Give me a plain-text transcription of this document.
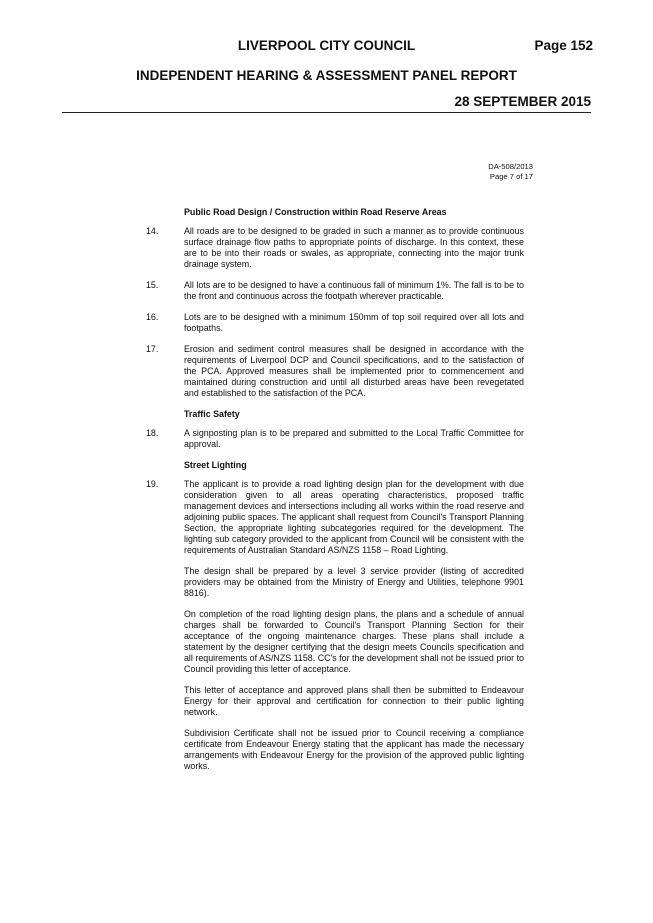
LIVERPOOL CITY COUNCIL	Page 152
INDEPENDENT HEARING & ASSESSMENT PANEL REPORT
28 SEPTEMBER 2015
DA-508/2013
Page 7 of 17
Public Road Design / Construction within Road Reserve Areas
14.	All roads are to be designed to be graded in such a manner as to provide continuous surface drainage flow paths to appropriate points of discharge. In this context, these are to be into their roads or swales, as appropriate, connecting into the major trunk drainage system.
15.	All lots are to be designed to have a continuous fall of minimum 1%. The fall is to be to the front and continuous across the footpath wherever practicable.
16.	Lots are to be designed with a minimum 150mm of top soil required over all lots and footpaths.
17.	Erosion and sediment control measures shall be designed in accordance with the requirements of Liverpool DCP and Council specifications, and to the satisfaction of the PCA. Approved measures shall be implemented prior to commencement and maintained during construction and until all disturbed areas have been revegetated and established to the satisfaction of the PCA.
Traffic Safety
18.	A signposting plan is to be prepared and submitted to the Local Traffic Committee for approval.
Street Lighting
19.	The applicant is to provide a road lighting design plan for the development with due consideration given to all areas operating characteristics, proposed traffic management devices and intersections including all works within the road reserve and adjoining public spaces. The applicant shall request from Council's Transport Planning Section, the appropriate lighting subcategories required for the development. The lighting sub category provided to the applicant from Council will be consistent with the requirements of Australian Standard AS/NZS 1158 – Road Lighting.
The design shall be prepared by a level 3 service provider (listing of accredited providers may be obtained from the Ministry of Energy and Utilities, telephone 9901 8816).
On completion of the road lighting design plans, the plans and a schedule of annual charges shall be forwarded to Council's Transport Planning Section for their acceptance of the ongoing maintenance charges. These plans shall include a statement by the designer certifying that the design meets Councils specification and all requirements of AS/NZS 1158. CC's for the development shall not be issued prior to Council providing this letter of acceptance.
This letter of acceptance and approved plans shall then be submitted to Endeavour Energy for their approval and certification for connection to their public lighting network.
Subdivision Certificate shall not be issued prior to Council receiving a compliance certificate from Endeavour Energy stating that the applicant has made the necessary arrangements with Endeavour Energy for the provision of the approved public lighting works.
